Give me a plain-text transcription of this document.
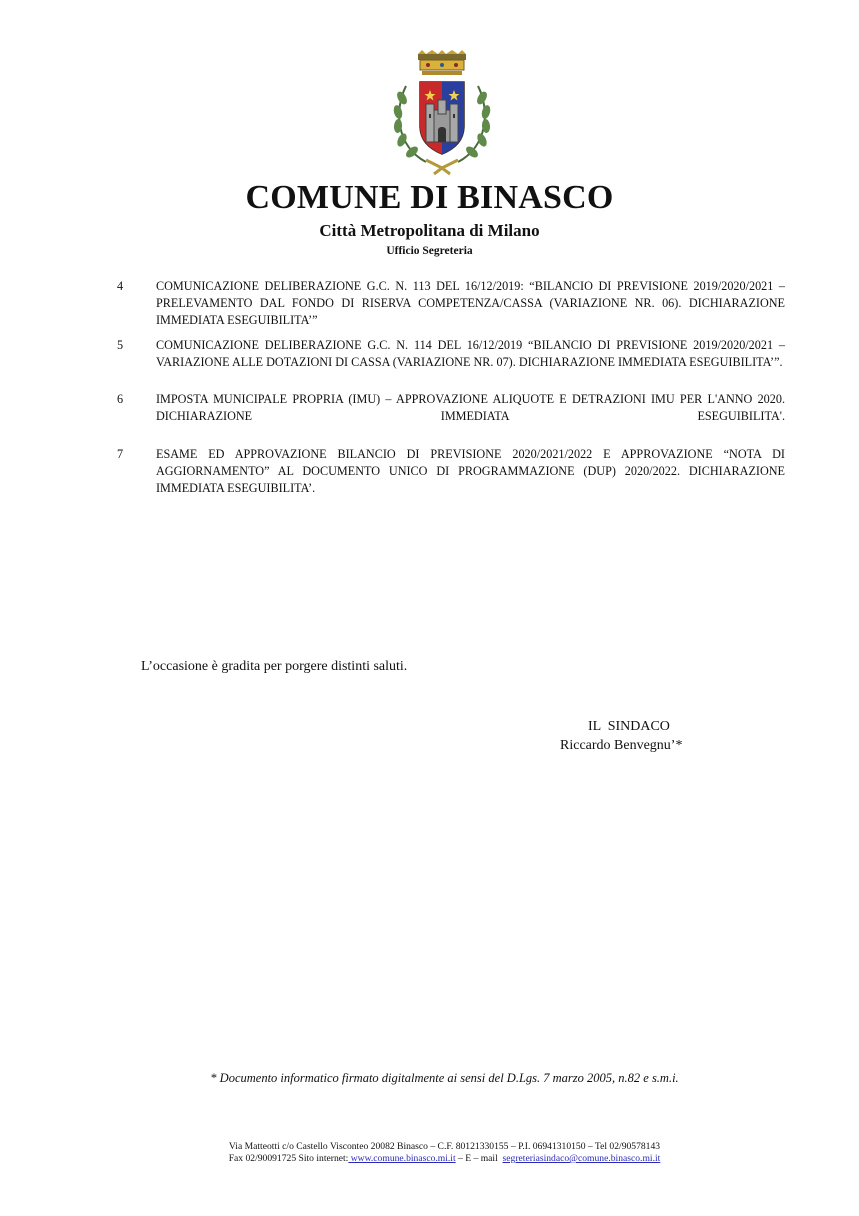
COMUNE DI BINASCO
Città Metropolitana di Milano
Ufficio Segreteria
4	COMUNICAZIONE DELIBERAZIONE G.C. N. 113 DEL 16/12/2019: “BILANCIO DI PREVISIONE 2019/2020/2021 – PRELEVAMENTO DAL FONDO DI RISERVA COMPETENZA/CASSA (VARIAZIONE NR. 06). DICHIARAZIONE IMMEDIATA ESEGUIBILITA’”
5	COMUNICAZIONE DELIBERAZIONE G.C. N. 114 DEL 16/12/2019 “BILANCIO DI PREVISIONE 2019/2020/2021 – VARIAZIONE ALLE DOTAZIONI DI CASSA (VARIAZIONE NR. 07). DICHIARAZIONE IMMEDIATA ESEGUIBILITA’”.
6	IMPOSTA MUNICIPALE PROPRIA (IMU) – APPROVAZIONE ALIQUOTE E DETRAZIONI IMU PER L'ANNO 2020. DICHIARAZIONE IMMEDIATA ESEGUIBILITA'.
7	ESAME ED APPROVAZIONE BILANCIO DI PREVISIONE 2020/2021/2022 E APPROVAZIONE “NOTA DI AGGIORNAMENTO” AL DOCUMENTO UNICO DI PROGRAMMAZIONE (DUP) 2020/2022. DICHIARAZIONE IMMEDIATA ESEGUIBILITA’.
L’occasione è gradita per porgere distinti saluti.
IL  SINDACO
Riccardo Benvegnu’*
* Documento informatico firmato digitalmente ai sensi del D.Lgs. 7 marzo 2005, n.82 e s.m.i.
Via Matteotti c/o Castello Visconteo 20082 Binasco – C.F. 80121330155 – P.I. 06941310150 – Tel 02/90578143
Fax 02/90091725 Sito internet: www.comune.binasco.mi.it – E – mail  segreteriasindaco@comune.binasco.mi.it
